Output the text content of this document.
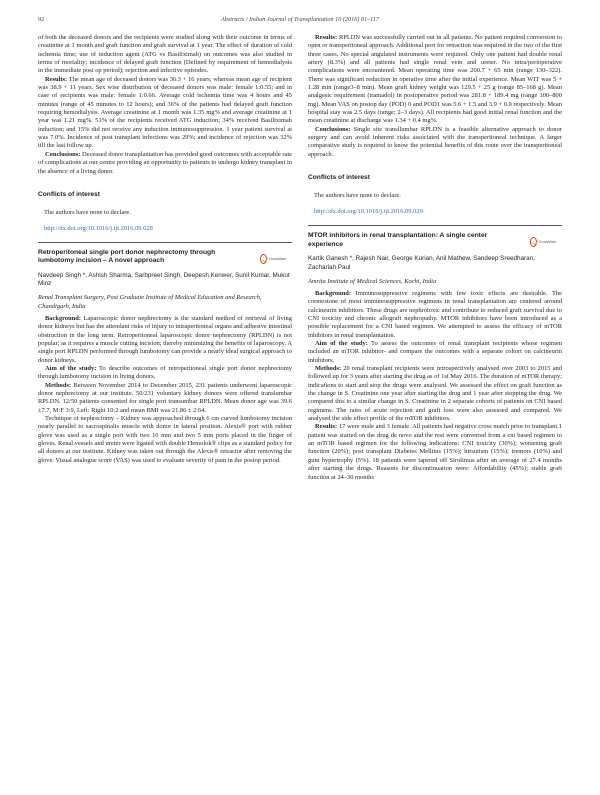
92	Abstracts / Indian Journal of Transplantation 10 (2016) 81–117

of both the deceased donors and the recipients were studied along with their outcome in terms of creatinine at 1 month and graft function and graft survival at 1 year. The effect of duration of cold ischemia time; use of induction agent (ATG vs Basiliximab) on outcomes was also studied in terms of mortality; incidence of delayed graft function (Defined by requirement of hemodialysis in the immediate post op period); rejection and infective episodes.

Results: The mean age of deceased donors was 36.3 + 16 years; whereas mean age of recipient was 38.9 + 11 years. Sex wise distribution of deceased donors was male: female 1:0.55; and in case of recipients was male: female 1:0.66. Average cold ischemia time was 4 hours and 45 minutes (range of 45 minutes to 12 hours); and 36% of the patients had delayed graft function requiring hemodialysis. Average creatinine at 1 month was 1.35 mg% and average creatinine at 1 year was 1.21 mg%. 51% of the recipients received ATG induction; 34% received Basiliximab induction; and 15% did not receive any induction immunosuppression. 1 year patient survival at was 7.0%. Incidence of post transplant infections was 29%; and incidence of rejection was 32% till the last follow up.

Conclusions: Deceased donor transplantation has provided good outcomes with acceptable rate of complications at our centre providing an opportunity to patients to undergo kidney transplant in the absence of a living donor.

Conflicts of interest
The authors have none to declare.
http://dx.doi.org/10.1016/j.ijt.2016.09.028
Retroperitoneal single port donor nephrectomy through lumbotomy incision – A novel approach	CrossMark
Navdeep Singh *, Ashish Sharma, Sarbpreet Singh, Deepesh Kenwer, Sunil Kumar, Mukut Minz
Renal Transplant Surgery, Post Graduate Institute of Medical Education and Research, Chandigarh, India

Background: Laparoscopic donor nephrectomy is the standard method of retrieval of living donor kidneys but has the attendant risks of injury to intraperitoneal organs and adhesive intestinal obstruction in the long term. Retroperitoneal laparoscopic donor nephrectomy (RPLDN) is not popular; as it requires a muscle cutting incision; thereby minimizing the benefits of laparoscopy. A single port RPLDN performed through lumbotomy can provide a nearly ideal surgical approach to donor kidneys.

Aim of the study: To describe outcomes of retroperitoneal single port donor nephrectomy through lumbotomy incision in living donors.

Methods: Between November 2014 to December 2015, 231 patients underwent laparoscopic donor nephrectomy at our institute. 50/231 voluntary kidney donors were offered translumbar RPLDN. 12/50 patients consented for single port transumbar RPLDN. Mean donor age was 39.6 ±7.7, M:F 3:9, Left: Right 10:2 and mean BMI was 21.86 ± 2.64.

Technique of nephrectomy – Kidney was approached through 6 cm curved lumbotomy incision nearly parallel to sacrospinalis muscle with donor in lateral position. Alexis® port with rubber glove was used as a single port with two 10 mm and two 5 mm ports placed in the finger of gloves. Renal vessels and ureter were ligated with double Hemolok® clips as a standard policy for all donors at our institute. Kidney was taken out through the Alexis® retractor after removing the glove. Visual analogue score (VAS) was used to evaluate severity of pain in the postop period.

Results: RPLDN was successfully carried out in all patients. No patient required conversion to open or transperitoneal approach. Additional port for retraction was required in the two of the first three cases. No special angulated instruments were required. Only one patient had double renal artery (8.3%) and all patients had single renal vein and ureter. No intra/perioperative complications were encountered. Mean operating time was 200.7 + 65 min (range 130–322). There was significant reduction in operative time after the initial experience. Mean WIT was 5 + 1.28 min (range3–8 min). Mean graft kidney weight was 129.5 + 25 g (range 85–168 g). Mean analgesic requirement (tramadol) in postoperative period was 281.8 + 189.4 mg (range 100–800 mg). Mean VAS on postop day (POD) 0 and POD1 was 5.6 + 1.5 and 3.9 + 0.9 respectively. Mean hospital stay was 2.5 days (range; 2–3 days). All recipients had good initial renal function and the mean creatinine at discharge was 1.34 + 0.4 mg%.

Conclusions: Single site transllumbar RPLDN is a feasible alternative approach to donor surgery and can avoid inherent risks associated with the transperitoneal technique. A larger comparative study is required to know the potential benefits of this route over the transperitoneal approach.

Conflicts of interest
The authors have none to declare.
http://dx.doi.org/10.1016/j.ijt.2016.09.029
MTOR inhibitors in renal transplantation: A single center experience	CrossMark
Kartik Ganesh *, Rajesh Nair, George Kurian, Anil Mathew, Sandeep Sreedharan, Zachariah Paul
Amrita Institute of Medical Sciences, Kochi, India

Background: Immunosuppressive regimens with few toxic effects are desirable. The cornerstone of most immunosuppressive regimens in renal transplantation are centered around calcineurin inhibitors. These drugs are nephrotoxic and contribute to reduced graft survival due to CNI toxicity and chronic allograft nephropathy. MTOR inhibitors have been introduced as a possible replacement for a CNI based regimen. We attempted to assess the efficacy of mTOR inhibitors in renal transplantation.

Aim of the study: To assess the outcomes of renal transplant recipients whose regimen included an mTOR inhibitor- and compare the outcomes with a separate cohort on calcineurin inhibitors.

Methods: 20 renal transplant recipients were retrospectively analysed over 2003 to 2015 and followed up for 3 years after starting the drug as of 1st May 2016. The duration of mTOR therapy; indications to start and stop the drugs were analysed. We assessed the effect on graft function as the change in S. Creatinine one year after starting the drug and 1 year after stopping the drug. We compared this to a similar change in S. Creatinine in 2 separate cohorts of patients on CNI based regimens. The rates of acute rejection and graft loss were also assessed and compared. We analysed the side effect profile of the mTOR inhibitors.

Results: 17 were male and 3 female. All patients had negative cross match prior to transplant.1 patient was started on the drug de novo and the rest were converted from a cni based regimen to an mTOR based regimen for the following indications: CNI toxicity (30%); worsening graft function (20%); post transplant Diabetes Mellitus (15%); hirsutism (15%); tremors (10%) and gum hypertrophy (5%). 18 patients were tapered off Sirolimus after an average of 27.4 months after starting the drugs. Reasons for discontinuation were: Affordability (45%); stable graft function at 24–30 months
